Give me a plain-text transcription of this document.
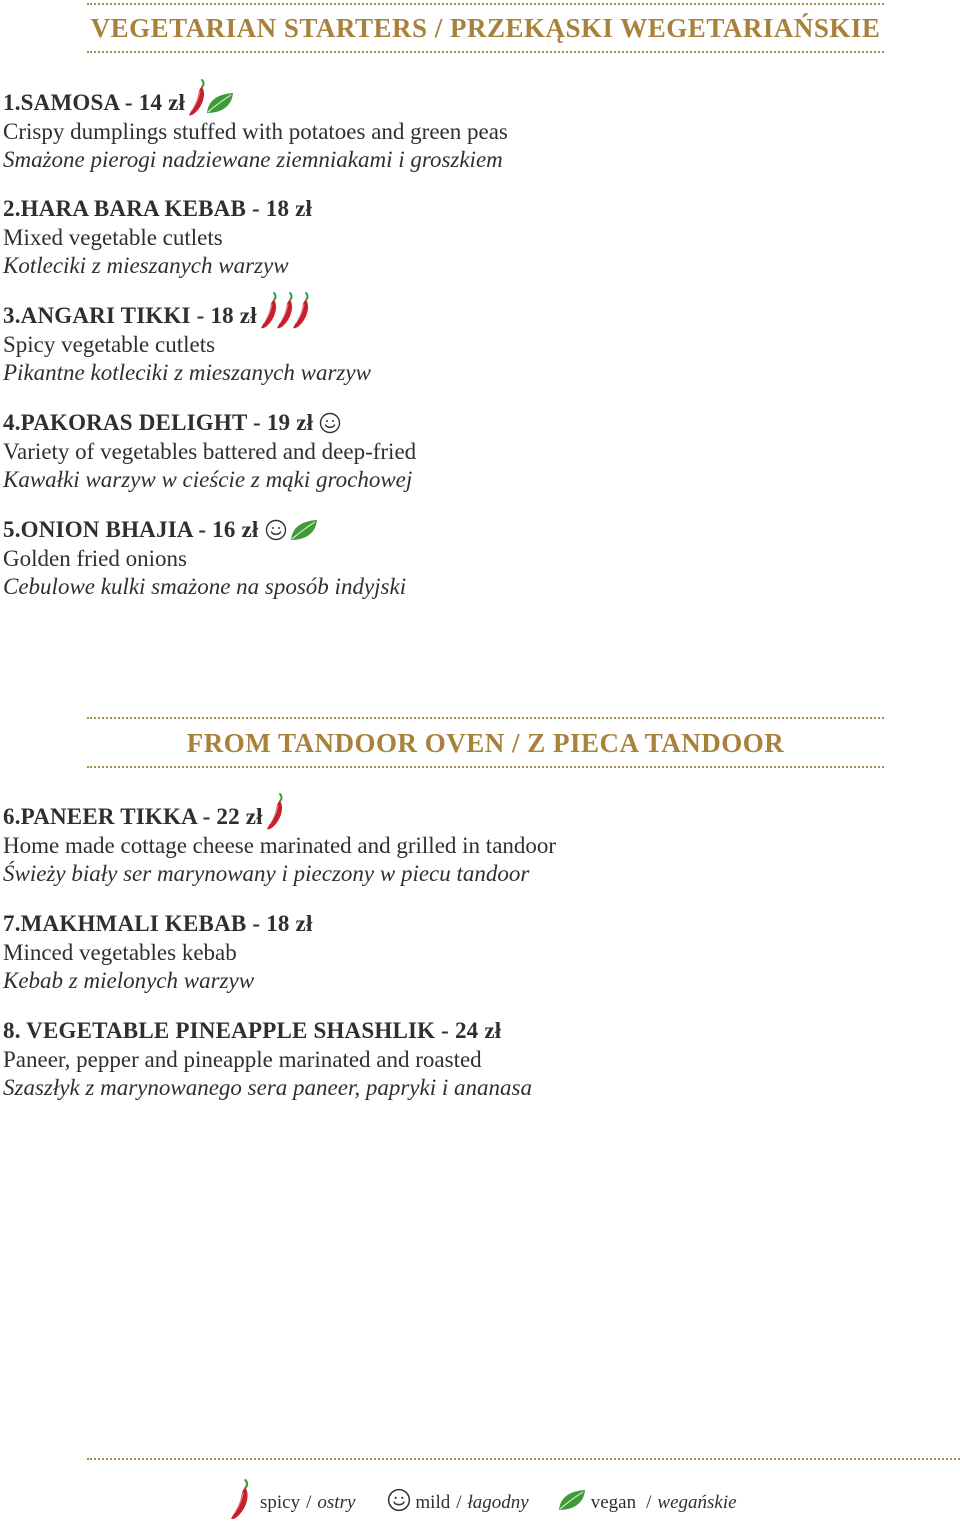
VEGETARIAN STARTERS / PRZEKĄSKI WEGETARIAŃSKIE
1.SAMOSA - 14 zł
Crispy dumplings stuffed with potatoes and green peas
Smażone pierogi nadziewane ziemniakami i groszkiem
2.HARA BARA KEBAB - 18 zł
Mixed vegetable cutlets
Kotleciki z mieszanych warzyw
3.ANGARI TIKKI - 18 zł
Spicy vegetable cutlets
Pikantne kotleciki z mieszanych warzyw
4.PAKORAS DELIGHT - 19 zł
Variety of vegetables battered and deep-fried
Kawałki warzyw w cieście z mąki grochowej
5.ONION BHAJIA - 16 zł
Golden fried onions
Cebulowe kulki smażone na sposób indyjski
FROM TANDOOR OVEN / Z PIECA TANDOOR
6.PANEER TIKKA - 22 zł
Home made cottage cheese marinated and grilled in tandoor
Świeży biały ser marynowany i pieczony w piecu tandoor
7.MAKHMALI KEBAB - 18 zł
Minced vegetables kebab
Kebab z mielonych warzyw
8. VEGETABLE PINEAPPLE SHASHLIK - 24 zł
Paneer, pepper and pineapple marinated and roasted
Szaszłyk z marynowanego sera paneer, papryki i ananasa
spicy / ostry	mild / łagodny	vegan / wegańskie
